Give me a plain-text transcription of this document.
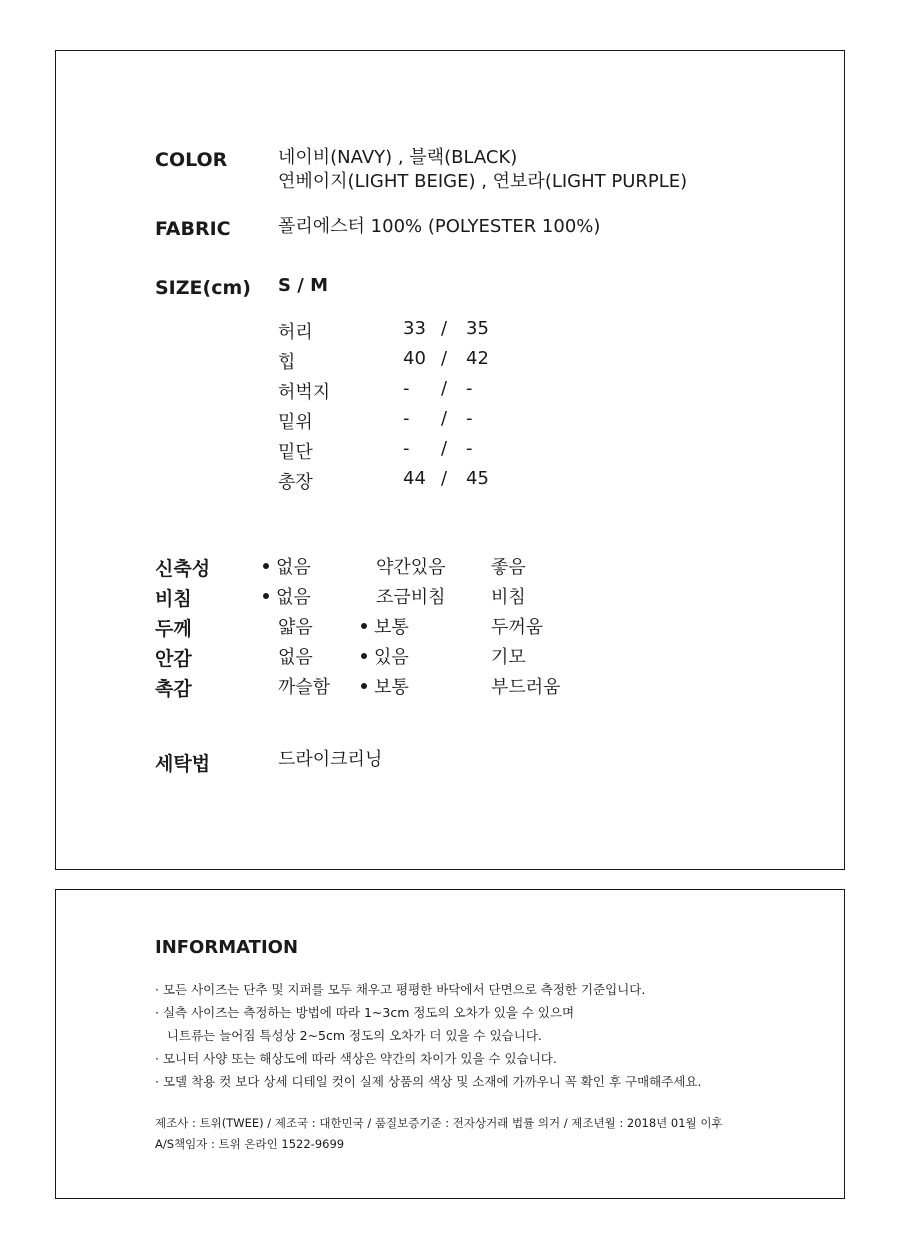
COLOR	네이비(NAVY) , 블랙(BLACK)
연베이지(LIGHT BEIGE) , 연보라(LIGHT PURPLE)
FABRIC	폴리에스터 100% (POLYESTER 100%)
SIZE(cm) S / M
허리	33 / 35
힙	40 / 42
허벅지	- / -
밑위	- / -
밑단	- / -
총장	44 / 45
신축성	없음	약간있음	좋음
비침	없음	조금비침	비침
두께	얇음	보통	두꺼움
안감	없음	있음	기모
촉감	까슬함	보통	부드러움
세탁법	드라이크리닝
INFORMATION
· 모든 사이즈는 단추 및 지퍼를 모두 채우고 평평한 바닥에서 단면으로 측정한 기준입니다.
· 실측 사이즈는 측정하는 방법에 따라 1~3cm 정도의 오차가 있을 수 있으며
니트류는 늘어짐 특성상 2~5cm 정도의 오차가 더 있을 수 있습니다.
· 모니터 사양 또는 해상도에 따라 색상은 약간의 차이가 있을 수 있습니다.
· 모델 착용 컷 보다 상세 디테일 컷이 실제 상품의 색상 및 소재에 가까우니 꼭 확인 후 구매해주세요.
제조사 : 트위(TWEE) / 제조국 : 대한민국 / 품질보증기준 : 전자상거래 법률 의거 / 제조년월 : 2018년 01월 이후
A/S책임자 : 트위 온라인 1522-9699
